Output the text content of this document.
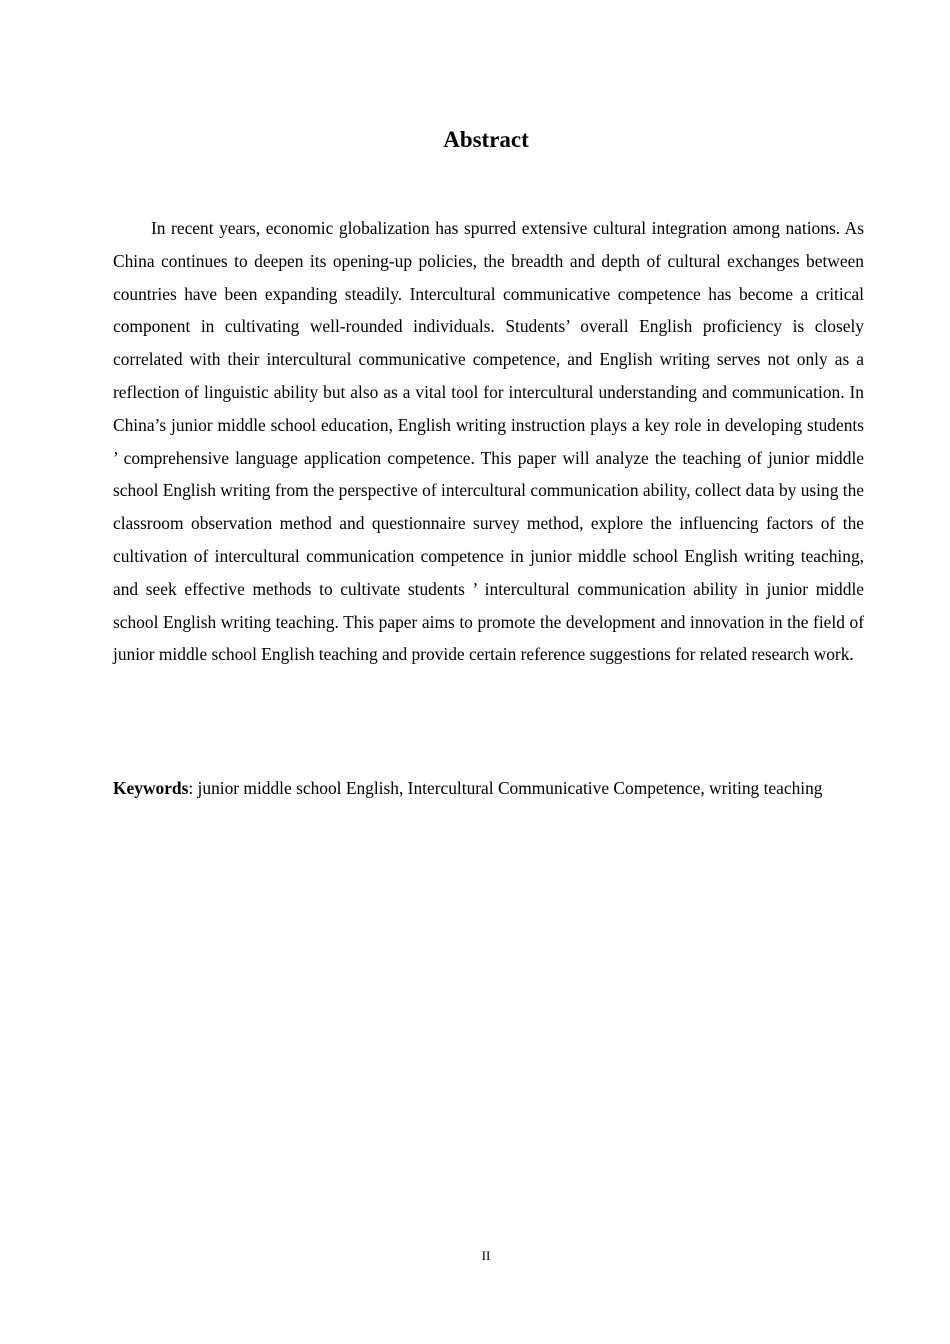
Abstract

In recent years, economic globalization has spurred extensive cultural integration among nations. As China continues to deepen its opening-up policies, the breadth and depth of cultural exchanges between countries have been expanding steadily. Intercultural communicative competence has become a critical component in cultivating well-rounded individuals. Students’ overall English proficiency is closely correlated with their intercultural communicative competence, and English writing serves not only as a reflection of linguistic ability but also as a vital tool for intercultural understanding and communication. In China’s junior middle school education, English writing instruction plays a key role in developing students ’ comprehensive language application competence. This paper will analyze the teaching of junior middle school English writing from the perspective of intercultural communication ability, collect data by using the classroom observation method and questionnaire survey method, explore the influencing factors of the cultivation of intercultural communication competence in junior middle school English writing teaching, and seek effective methods to cultivate students ’ intercultural communication ability in junior middle school English writing teaching. This paper aims to promote the development and innovation in the field of junior middle school English teaching and provide certain reference suggestions for related research work.

Keywords: junior middle school English, Intercultural Communicative Competence, writing teaching

II
